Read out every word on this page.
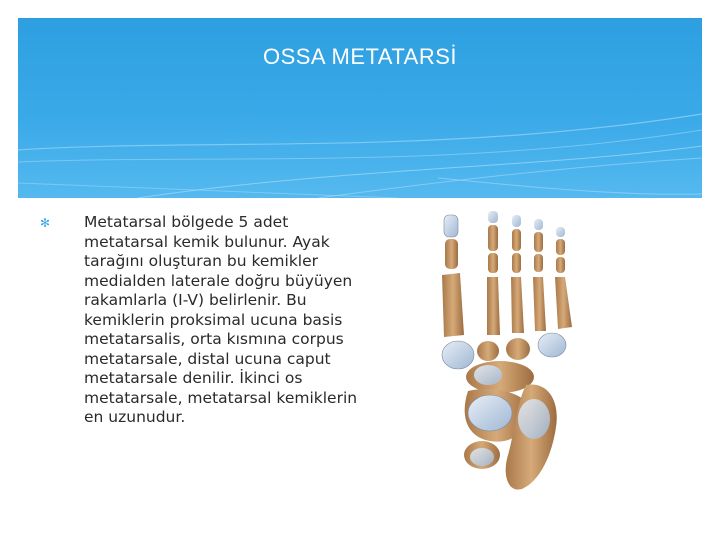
OSSA METATARSİ
✻ Metatarsal bölgede 5 adet metatarsal kemik bulunur. Ayak tarağını oluşturan bu kemikler medialden laterale doğru büyüyen rakamlarla (I-V) belirlenir. Bu kemiklerin proksimal ucuna basis metatarsalis, orta kısmına corpus metatarsale, distal ucuna caput metatarsale denilir. İkinci os metatarsale, metatarsal kemiklerin en uzunudur.
